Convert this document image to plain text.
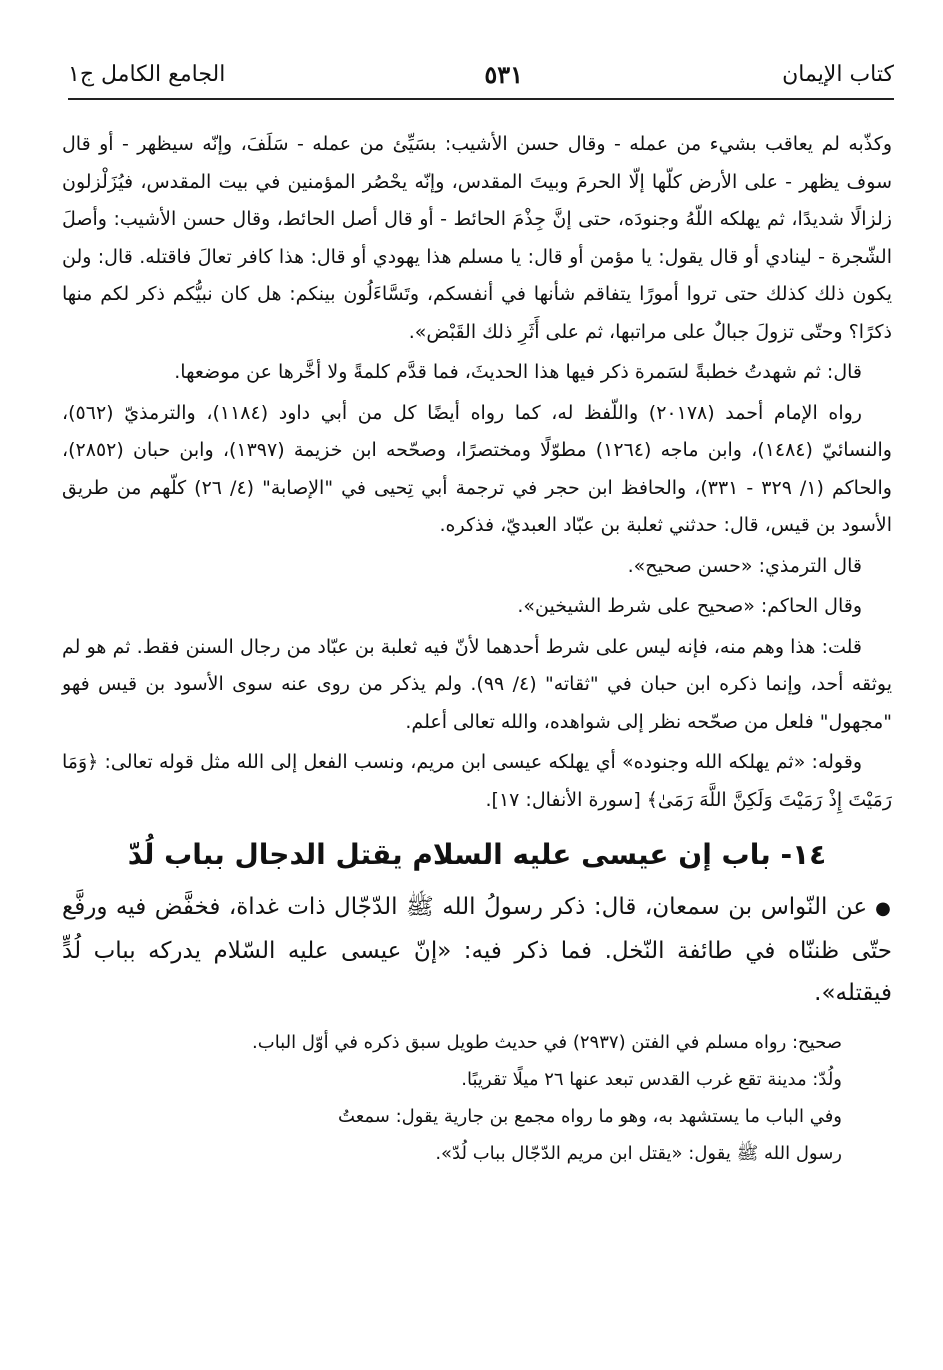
كتاب الإيمان
٥٣١
الجامع الكامل ج١

وكذّبه لم يعاقب بشيء من عمله - وقال حسن الأشيب: بسَيِّئ من عمله - سَلَفَ، وإنّه سيظهر - أو قال سوف يظهر - على الأرض كلّها إلّا الحرمَ وبيتَ المقدس، وإنّه يحْصُر المؤمنين في بيت المقدس، فيُزَلْزلون زلزالًا شديدًا، ثم يهلكه اللّهُ وجنودَه، حتى إنَّ جِذْمَ الحائط - أو قال أصل الحائط، وقال حسن الأشيب: وأصلَ الشّجرة - لينادي أو قال يقول: يا مؤمن أو قال: يا مسلم هذا يهودي أو قال: هذا كافر تعالَ فاقتله. قال: ولن يكون ذلك كذلك حتى تروا أمورًا يتفاقم شأنها في أنفسكم، وتَسَّاءَلُون بينكم: هل كان نبيُّكم ذكر لكم منها ذكرًا؟ وحتّى تزولَ جبالٌ على مراتبها، ثم على أَثَرِ ذلك القَبْض».

قال: ثم شهدتُ خطبةً لسَمرة ذكر فيها هذا الحديثَ، فما قدَّم كلمةً ولا أخَّرها عن موضعها.

رواه الإمام أحمد (٢٠١٧٨) واللّفظ له، كما رواه أيضًا كل من أبي داود (١١٨٤)، والترمذيّ (٥٦٢)، والنسائيّ (١٤٨٤)، وابن ماجه (١٢٦٤) مطوّلًا ومختصرًا، وصحّحه ابن خزيمة (١٣٩٧)، وابن حبان (٢٨٥٢)، والحاكم (١/ ٣٢٩ - ٣٣١)، والحافظ ابن حجر في ترجمة أبي تِحيى في "الإصابة" (٤/ ٢٦) كلّهم من طريق الأسود بن قيس، قال: حدثني ثعلبة بن عبّاد العبديّ، فذكره.

قال الترمذي: «حسن صحيح».

وقال الحاكم: «صحيح على شرط الشيخين».

قلت: هذا وهم منه، فإنه ليس على شرط أحدهما لأنّ فيه ثعلبة بن عبّاد من رجال السنن فقط. ثم هو لم يوثقه أحد، وإنما ذكره ابن حبان في "ثقاته" (٤/ ٩٩). ولم يذكر من روى عنه سوى الأسود بن قيس فهو "مجهول" فلعل من صحّحه نظر إلى شواهده، والله تعالى أعلم.

وقوله: «ثم يهلكه الله وجنوده» أي يهلكه عيسى ابن مريم، ونسب الفعل إلى الله مثل قوله تعالى: ﴿وَمَا رَمَيْتَ إِذْ رَمَيْتَ وَلَكِنَّ اللَّهَ رَمَىٰ﴾ [سورة الأنفال: ١٧].

١٤- باب إن عيسى عليه السلام يقتل الدجال بباب لُدّ

●عن النّواس بن سمعان، قال: ذكر رسولُ الله ﷺ الدّجّال ذات غداة، فخفَّض فيه ورفَّع حتّى ظننّاه في طائفة النّخل. فما ذكر فيه: «إنّ عيسى عليه السّلام يدركه بباب لُدٍّ فيقتله».

صحيح: رواه مسلم في الفتن (٢٩٣٧) في حديث طويل سبق ذكره في أوّل الباب.

ولُدّ: مدينة تقع غرب القدس تبعد عنها ٢٦ ميلًا تقريبًا.

وفي الباب ما يستشهد به، وهو ما رواه مجمع بن جارية يقول: سمعتُ

رسول الله ﷺ يقول: «يقتل ابن مريم الدّجّال بباب لُدّ».
